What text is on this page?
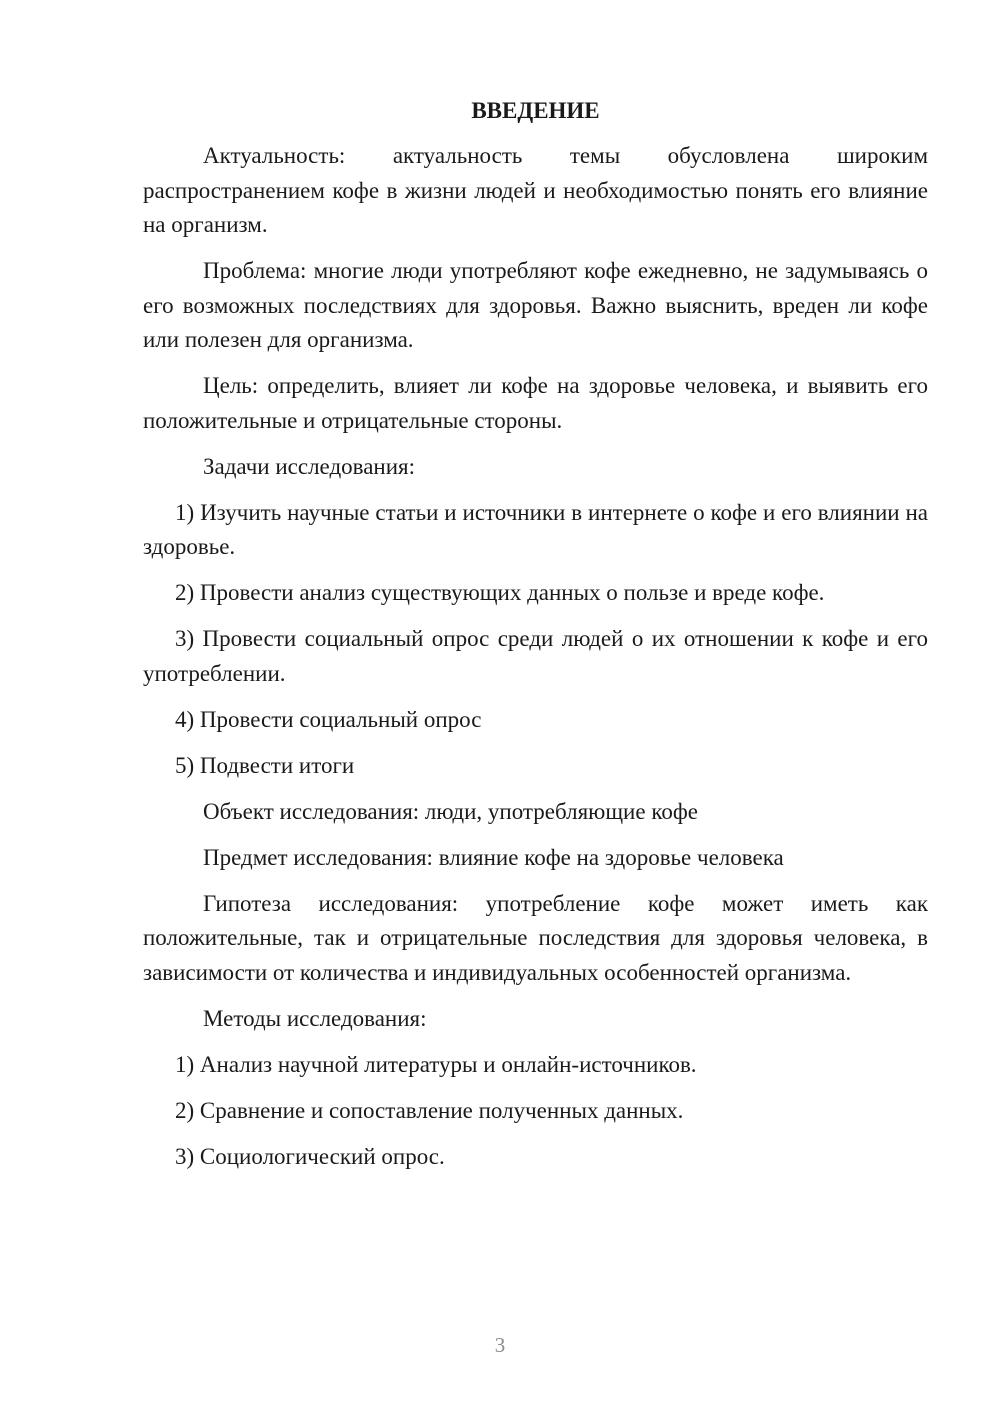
ВВЕДЕНИЕ

Актуальность: актуальность темы обусловлена широким распространением кофе в жизни людей и необходимостью понять его влияние на организм.

Проблема: многие люди употребляют кофе ежедневно, не задумываясь о его возможных последствиях для здоровья. Важно выяснить, вреден ли кофе или полезен для организма.

Цель: определить, влияет ли кофе на здоровье человека, и выявить его положительные и отрицательные стороны.

Задачи исследования:

1) Изучить научные статьи и источники в интернете о кофе и его влиянии на здоровье.

2) Провести анализ существующих данных о пользе и вреде кофе.

3) Провести социальный опрос среди людей о их отношении к кофе и его употреблении.

4) Провести социальный опрос

5) Подвести итоги

Объект исследования: люди, употребляющие кофе

Предмет исследования: влияние кофе на здоровье человека

Гипотеза исследования: употребление кофе может иметь как положительные, так и отрицательные последствия для здоровья человека, в зависимости от количества и индивидуальных особенностей организма.

Методы исследования:

1) Анализ научной литературы и онлайн-источников.

2) Сравнение и сопоставление полученных данных.

3) Социологический опрос.

3
